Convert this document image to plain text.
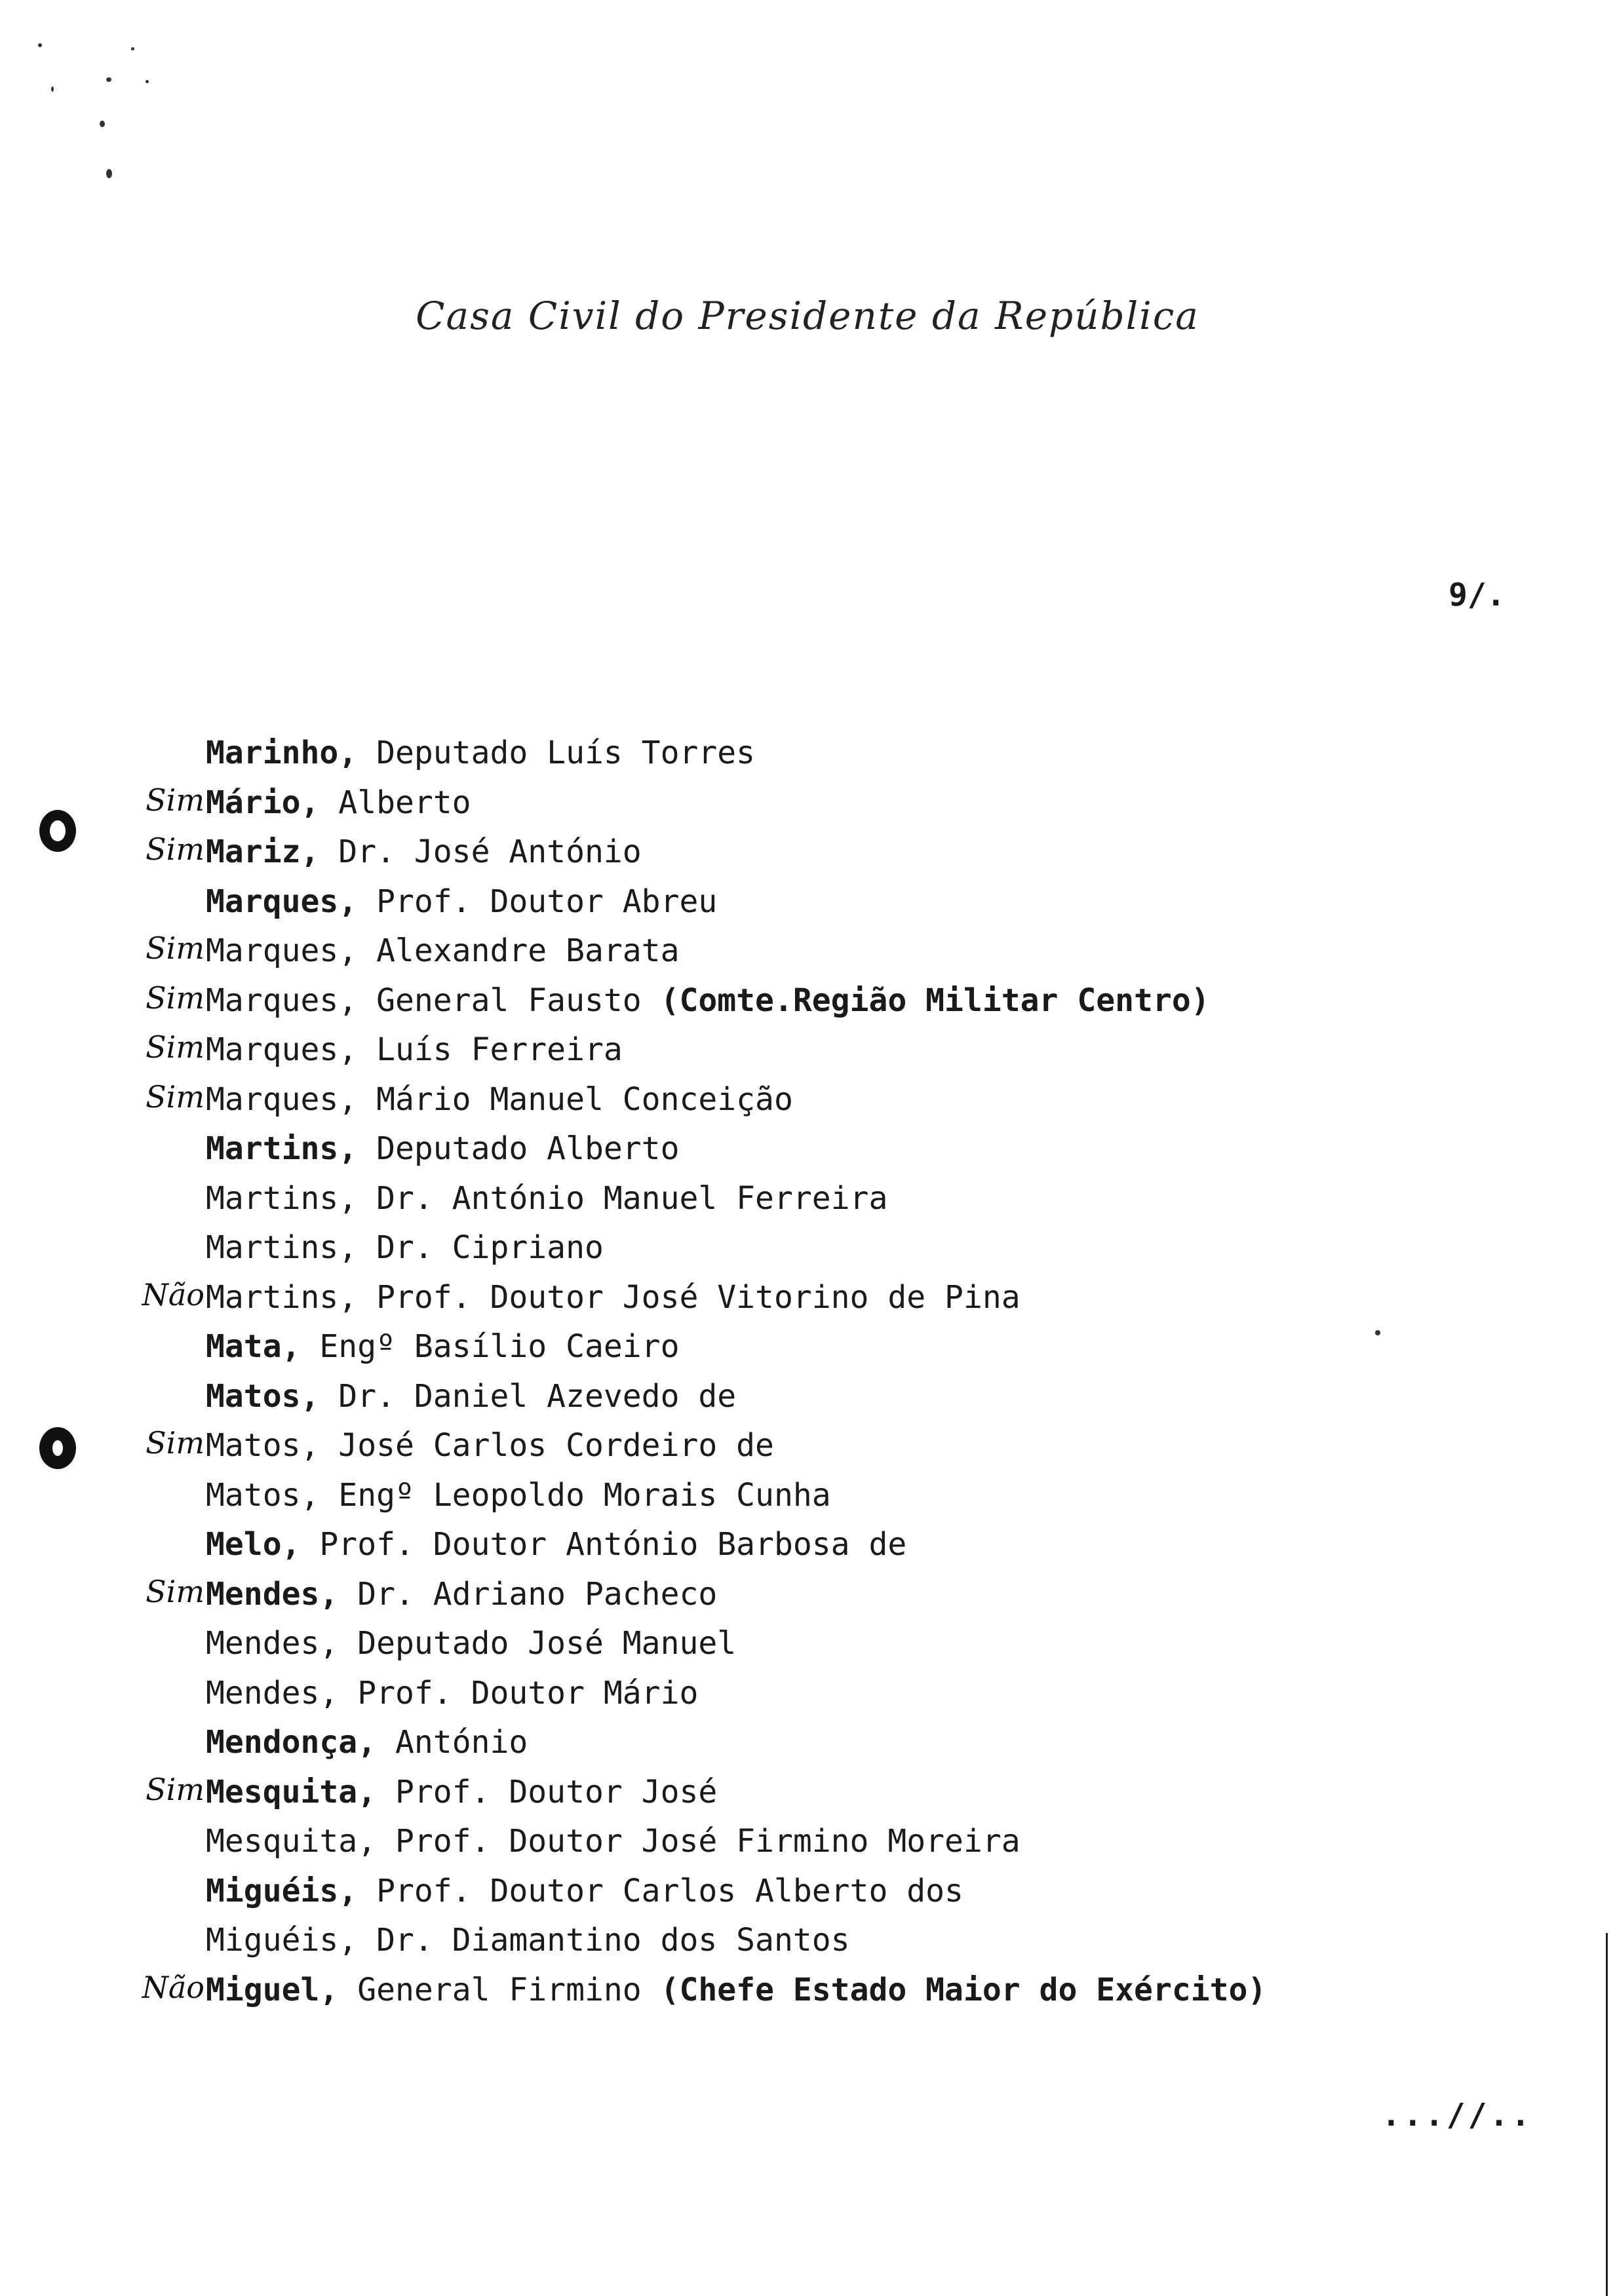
Casa Civil do Presidente da República
9/.
Marinho, Deputado Luís Torres
Sim Mário, Alberto
Sim Mariz, Dr. José António
Marques, Prof. Doutor Abreu
Sim Marques, Alexandre Barata
Sim Marques, General Fausto (Comte.Região Militar Centro)
Sim Marques, Luís Ferreira
Sim Marques, Mário Manuel Conceição
Martins, Deputado Alberto
Martins, Dr. António Manuel Ferreira
Martins, Dr. Cipriano
Não Martins, Prof. Doutor José Vitorino de Pina
Mata, Engº Basílio Caeiro
Matos, Dr. Daniel Azevedo de
Sim Matos, José Carlos Cordeiro de
Matos, Engº Leopoldo Morais Cunha
Melo, Prof. Doutor António Barbosa de
Sim Mendes, Dr. Adriano Pacheco
Mendes, Deputado José Manuel
Mendes, Prof. Doutor Mário
Mendonça, António
Sim Mesquita, Prof. Doutor José
Mesquita, Prof. Doutor José Firmino Moreira
Miguéis, Prof. Doutor Carlos Alberto dos
Miguéis, Dr. Diamantino dos Santos
Não Miguel, General Firmino (Chefe Estado Maior do Exército)
...//..
